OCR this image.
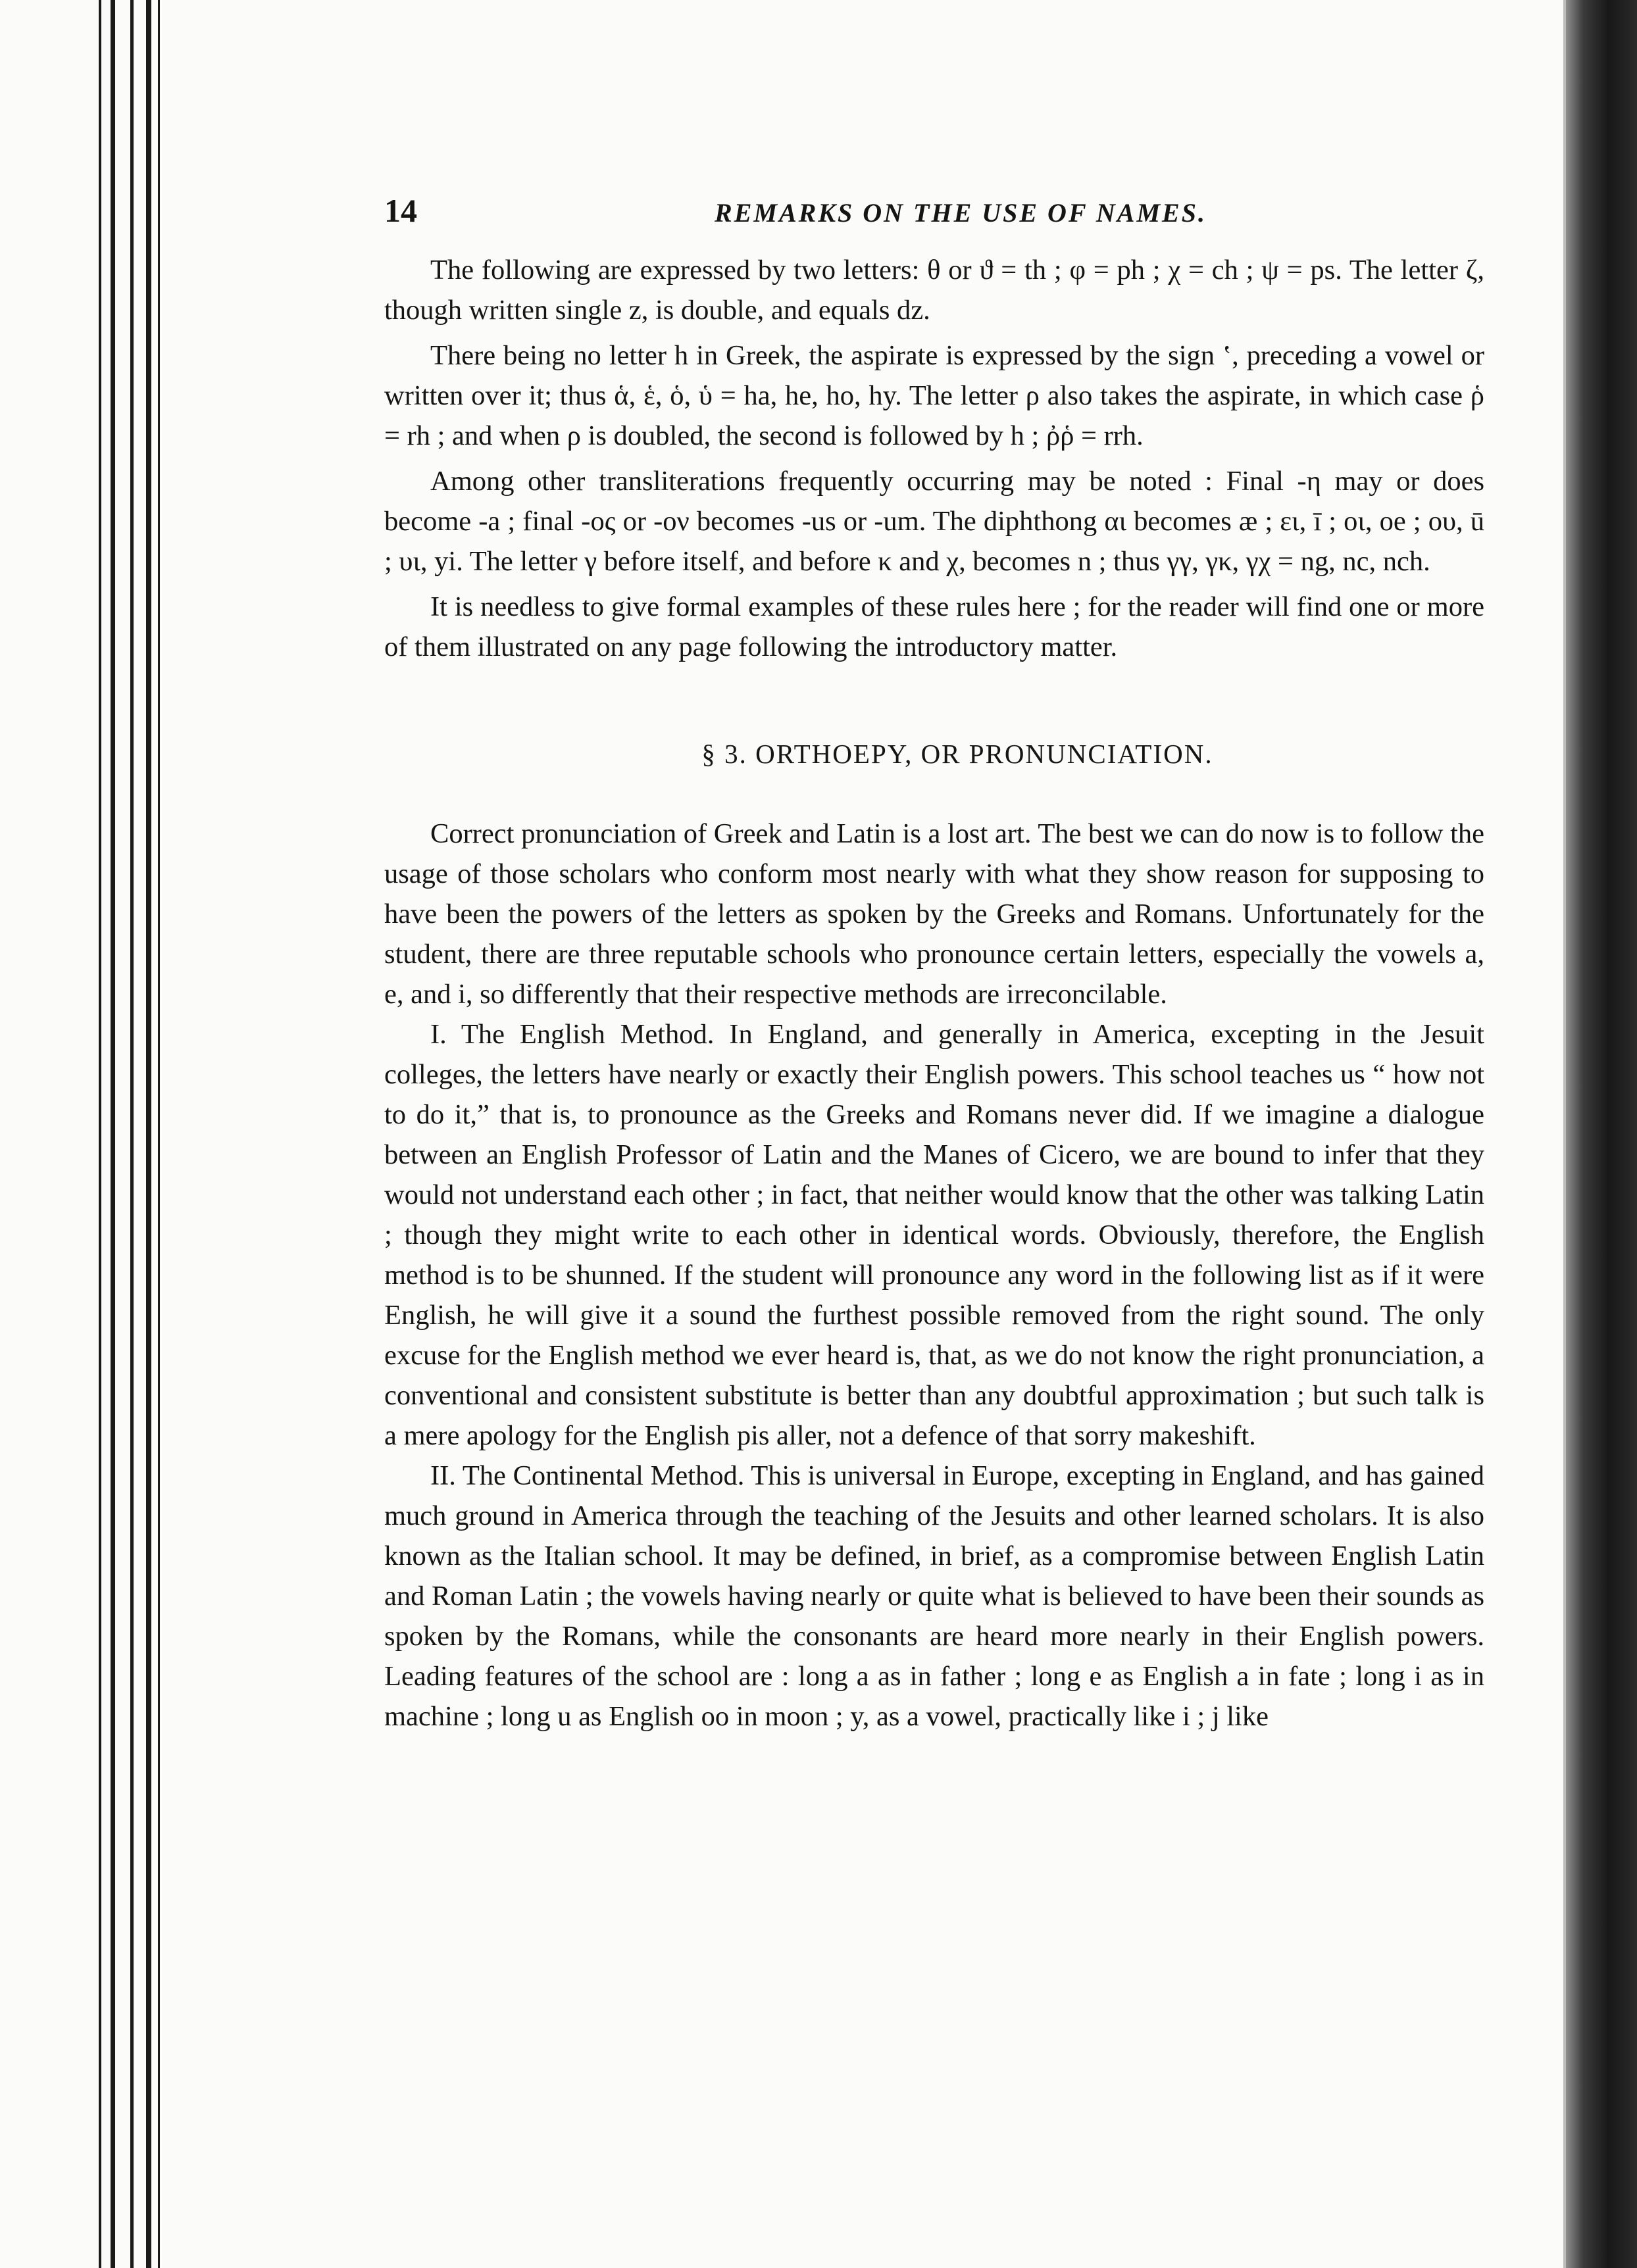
14	REMARKS ON THE USE OF NAMES.

The following are expressed by two letters: θ or ϑ = th ; φ = ph ; χ = ch ; ψ = ps. The letter ζ, though written single z, is double, and equals dz.

There being no letter h in Greek, the aspirate is expressed by the sign ʽ, preceding a vowel or written over it; thus ἁ, ἑ, ὁ, ὑ = ha, he, ho, hy. The letter ρ also takes the aspirate, in which case ῥ = rh ; and when ρ is doubled, the second is followed by h ; ῤῥ = rrh.

Among other transliterations frequently occurring may be noted : Final -η may or does become -a ; final -ος or -ον becomes -us or -um. The diphthong αι becomes æ ; ει, ī ; οι, oe ; ου, ū ; υι, yi. The letter γ before itself, and before κ and χ, becomes n ; thus γγ, γκ, γχ = ng, nc, nch.

It is needless to give formal examples of these rules here ; for the reader will find one or more of them illustrated on any page following the introductory matter.

§ 3. ORTHOEPY, OR PRONUNCIATION.

Correct pronunciation of Greek and Latin is a lost art. The best we can do now is to follow the usage of those scholars who conform most nearly with what they show reason for supposing to have been the powers of the letters as spoken by the Greeks and Romans. Unfortunately for the student, there are three reputable schools who pronounce certain letters, especially the vowels a, e, and i, so differently that their respective methods are irreconcilable.

I. The English Method. In England, and generally in America, excepting in the Jesuit colleges, the letters have nearly or exactly their English powers. This school teaches us “ how not to do it,” that is, to pronounce as the Greeks and Romans never did. If we imagine a dialogue between an English Professor of Latin and the Manes of Cicero, we are bound to infer that they would not understand each other ; in fact, that neither would know that the other was talking Latin ; though they might write to each other in identical words. Obviously, therefore, the English method is to be shunned. If the student will pronounce any word in the following list as if it were English, he will give it a sound the furthest possible removed from the right sound. The only excuse for the English method we ever heard is, that, as we do not know the right pronunciation, a conventional and consistent substitute is better than any doubtful approximation ; but such talk is a mere apology for the English pis aller, not a defence of that sorry makeshift.

II. The Continental Method. This is universal in Europe, excepting in England, and has gained much ground in America through the teaching of the Jesuits and other learned scholars. It is also known as the Italian school. It may be defined, in brief, as a compromise between English Latin and Roman Latin ; the vowels having nearly or quite what is believed to have been their sounds as spoken by the Romans, while the consonants are heard more nearly in their English powers. Leading features of the school are : long a as in father ; long e as English a in fate ; long i as in machine ; long u as English oo in moon ; y, as a vowel, practically like i ; j like
